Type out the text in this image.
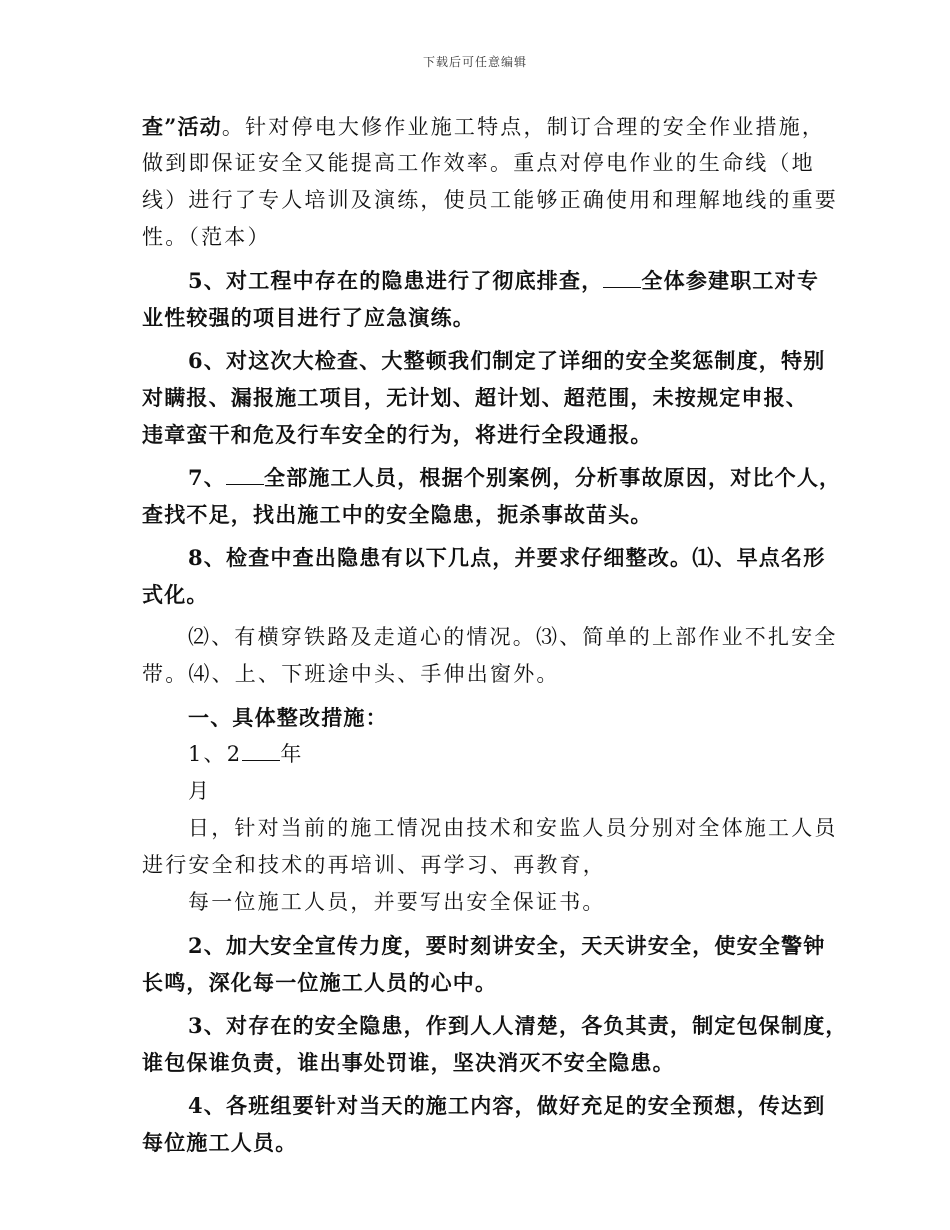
下载后可任意编辑
查”活动。针对停电大修作业施工特点，制订合理的安全作业措施，
做到即保证安全又能提高工作效率。重点对停电作业的生命线（地
线）进行了专人培训及演练，使员工能够正确使用和理解地线的重要
性。（范本）
5、对工程中存在的隐患进行了彻底排查， 全体参建职工对专
业性较强的项目进行了应急演练。
6、对这次大检查、大整顿我们制定了详细的安全奖惩制度，特别
对瞒报、漏报施工项目，无计划、超计划、超范围，未按规定申报、
违章蛮干和危及行车安全的行为，将进行全段通报。
7、 全部施工人员，根据个别案例，分析事故原因，对比个人，
查找不足，找出施工中的安全隐患，扼杀事故苗头。
8、检查中查出隐患有以下几点，并要求仔细整改。⑴、早点名形
式化。
⑵、有横穿铁路及走道心的情况。⑶、简单的上部作业不扎安全
带。⑷、上、下班途中头、手伸出窗外。
一、具体整改措施：
1、2 年
月
日，针对当前的施工情况由技术和安监人员分别对全体施工人员
进行安全和技术的再培训、再学习、再教育，
每一位施工人员，并要写出安全保证书。
2、加大安全宣传力度，要时刻讲安全，天天讲安全，使安全警钟
长鸣，深化每一位施工人员的心中。
3、对存在的安全隐患，作到人人清楚，各负其责，制定包保制度，
谁包保谁负责，谁出事处罚谁，坚决消灭不安全隐患。
4、各班组要针对当天的施工内容，做好充足的安全预想，传达到
每位施工人员。
